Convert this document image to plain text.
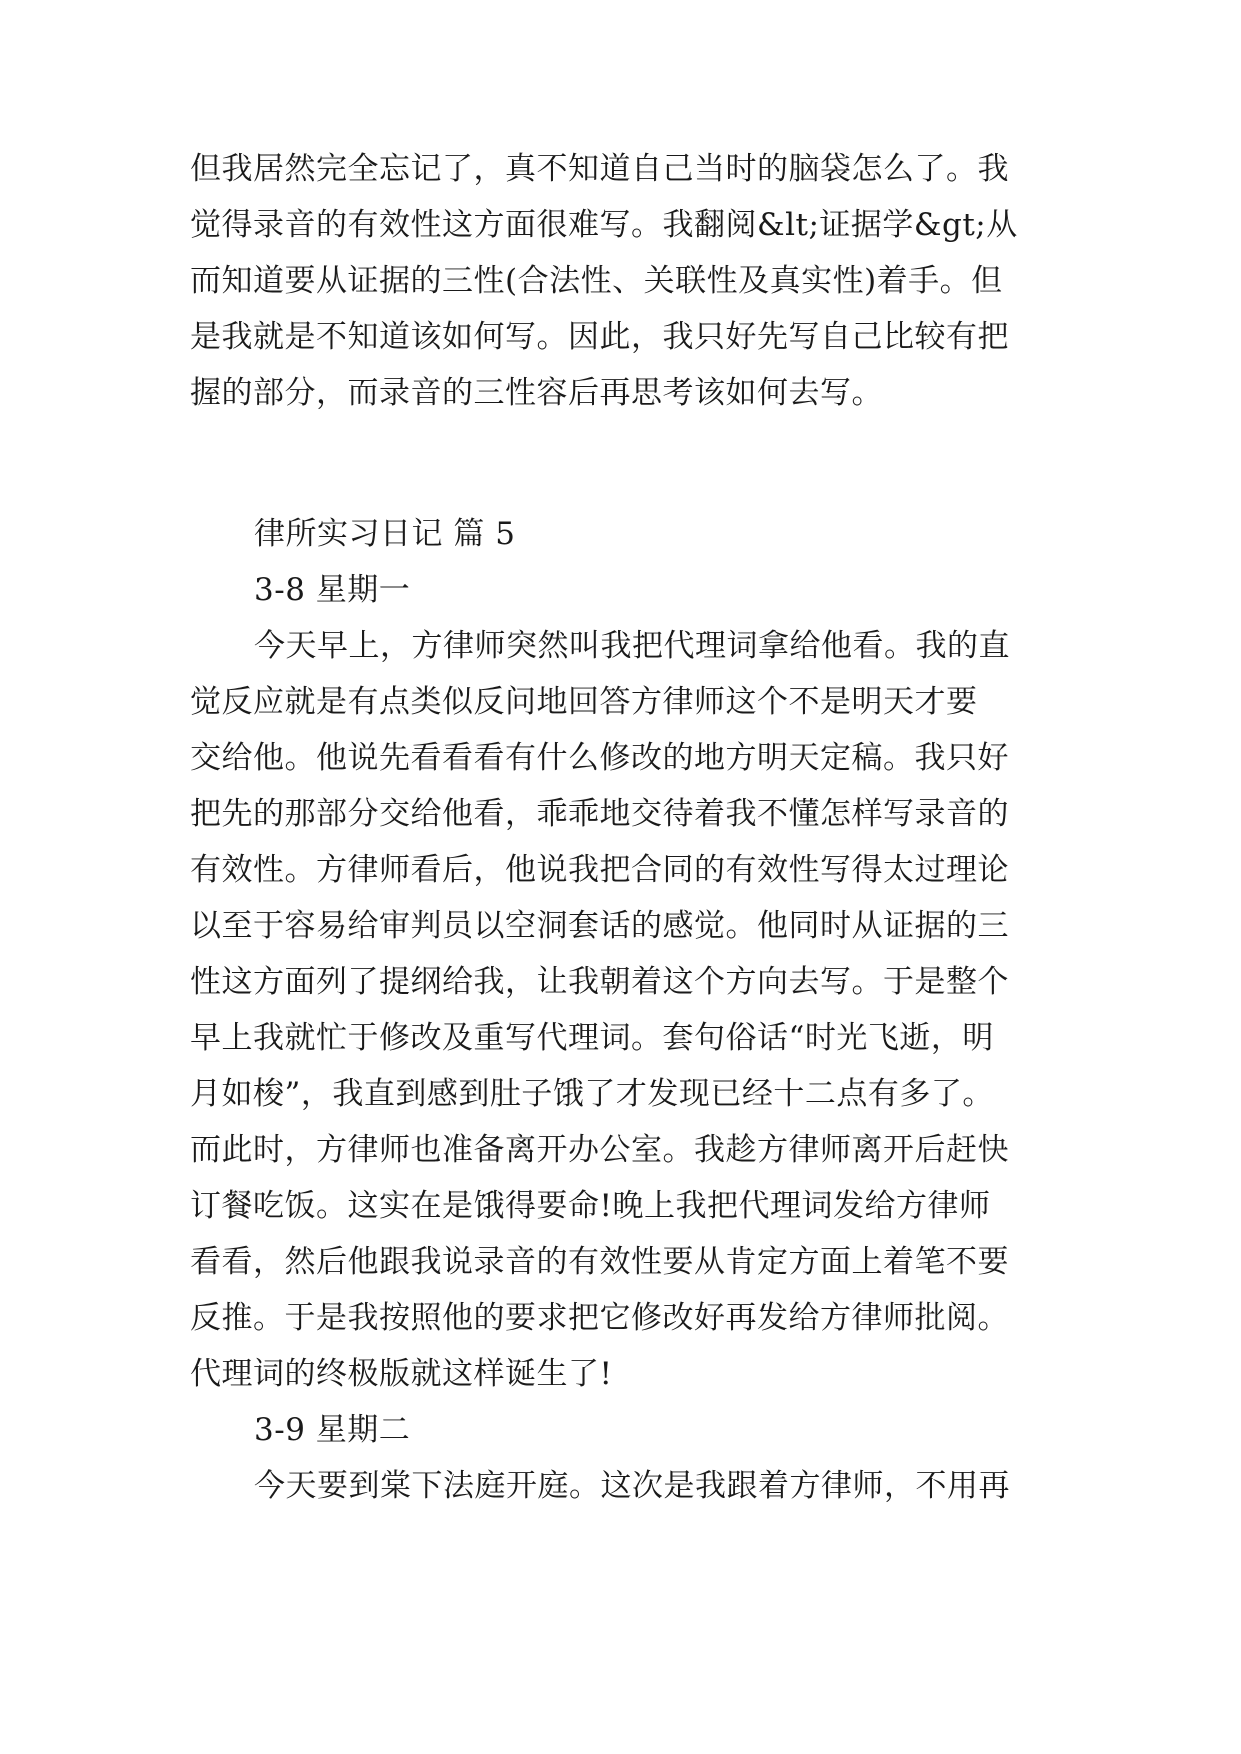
但我居然完全忘记了，真不知道自己当时的脑袋怎么了。我
觉得录音的有效性这方面很难写。我翻阅&lt;证据学&gt;从
而知道要从证据的三性(合法性、关联性及真实性)着手。但
是我就是不知道该如何写。因此，我只好先写自己比较有把
握的部分，而录音的三性容后再思考该如何去写。
律所实习日记 篇 5
3-8 星期一
今天早上，方律师突然叫我把代理词拿给他看。我的直
觉反应就是有点类似反问地回答方律师这个不是明天才要
交给他。他说先看看看有什么修改的地方明天定稿。我只好
把先的那部分交给他看，乖乖地交待着我不懂怎样写录音的
有效性。方律师看后，他说我把合同的有效性写得太过理论
以至于容易给审判员以空洞套话的感觉。他同时从证据的三
性这方面列了提纲给我，让我朝着这个方向去写。于是整个
早上我就忙于修改及重写代理词。套句俗话“时光飞逝，明
月如梭”，我直到感到肚子饿了才发现已经十二点有多了。
而此时，方律师也准备离开办公室。我趁方律师离开后赶快
订餐吃饭。这实在是饿得要命!晚上我把代理词发给方律师
看看，然后他跟我说录音的有效性要从肯定方面上着笔不要
反推。于是我按照他的要求把它修改好再发给方律师批阅。
代理词的终极版就这样诞生了!
3-9 星期二
今天要到棠下法庭开庭。这次是我跟着方律师，不用再
